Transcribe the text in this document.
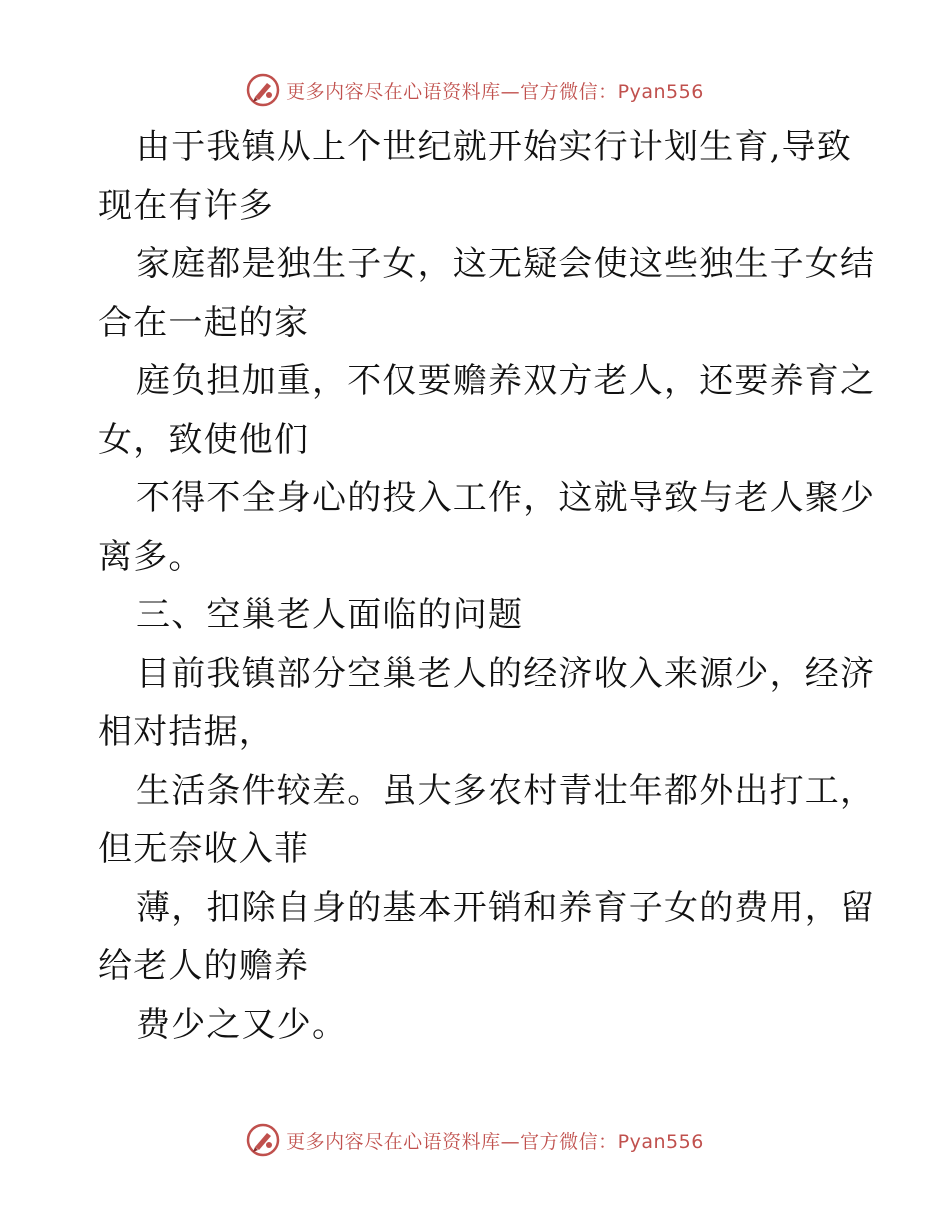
更多内容尽在心语资料库—官方微信：Pyan556
由于我镇从上个世纪就开始实行计划生育,导致
现在有许多
家庭都是独生子女，这无疑会使这些独生子女结
合在一起的家
庭负担加重，不仅要赡养双方老人，还要养育之
女，致使他们
不得不全身心的投入工作，这就导致与老人聚少
离多。
三、空巢老人面临的问题
目前我镇部分空巢老人的经济收入来源少，经济
相对拮据，
生活条件较差。虽大多农村青壮年都外出打工，
但无奈收入菲
薄，扣除自身的基本开销和养育子女的费用，留
给老人的赡养
费少之又少。
更多内容尽在心语资料库—官方微信：Pyan556
